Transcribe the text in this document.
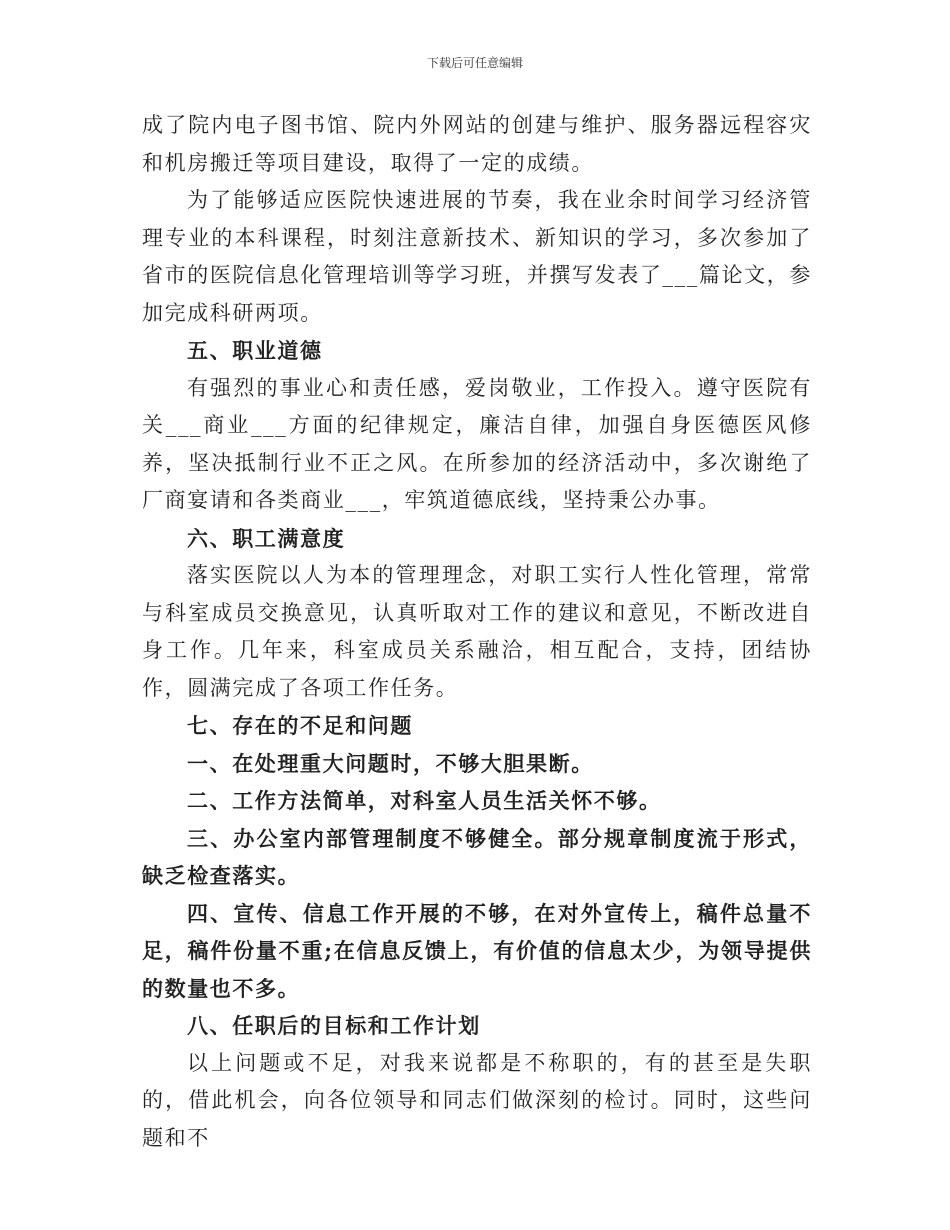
下载后可任意编辑

成了院内电子图书馆、院内外网站的创建与维护、服务器远程容灾和机房搬迁等项目建设，取得了一定的成绩。

为了能够适应医院快速进展的节奏，我在业余时间学习经济管理专业的本科课程，时刻注意新技术、新知识的学习，多次参加了省市的医院信息化管理培训等学习班，并撰写发表了___篇论文，参加完成科研两项。

五、职业道德

有强烈的事业心和责任感，爱岗敬业，工作投入。遵守医院有关___商业___方面的纪律规定，廉洁自律，加强自身医德医风修养，坚决抵制行业不正之风。在所参加的经济活动中，多次谢绝了厂商宴请和各类商业___，牢筑道德底线，坚持秉公办事。

六、职工满意度

落实医院以人为本的管理理念，对职工实行人性化管理，常常与科室成员交换意见，认真听取对工作的建议和意见，不断改进自身工作。几年来，科室成员关系融洽，相互配合，支持，团结协作，圆满完成了各项工作任务。

七、存在的不足和问题

一、在处理重大问题时，不够大胆果断。

二、工作方法简单，对科室人员生活关怀不够。

三、办公室内部管理制度不够健全。部分规章制度流于形式，缺乏检查落实。

四、宣传、信息工作开展的不够，在对外宣传上，稿件总量不足，稿件份量不重;在信息反馈上，有价值的信息太少，为领导提供的数量也不多。

八、任职后的目标和工作计划

以上问题或不足，对我来说都是不称职的，有的甚至是失职的，借此机会，向各位领导和同志们做深刻的检讨。同时，这些问题和不
